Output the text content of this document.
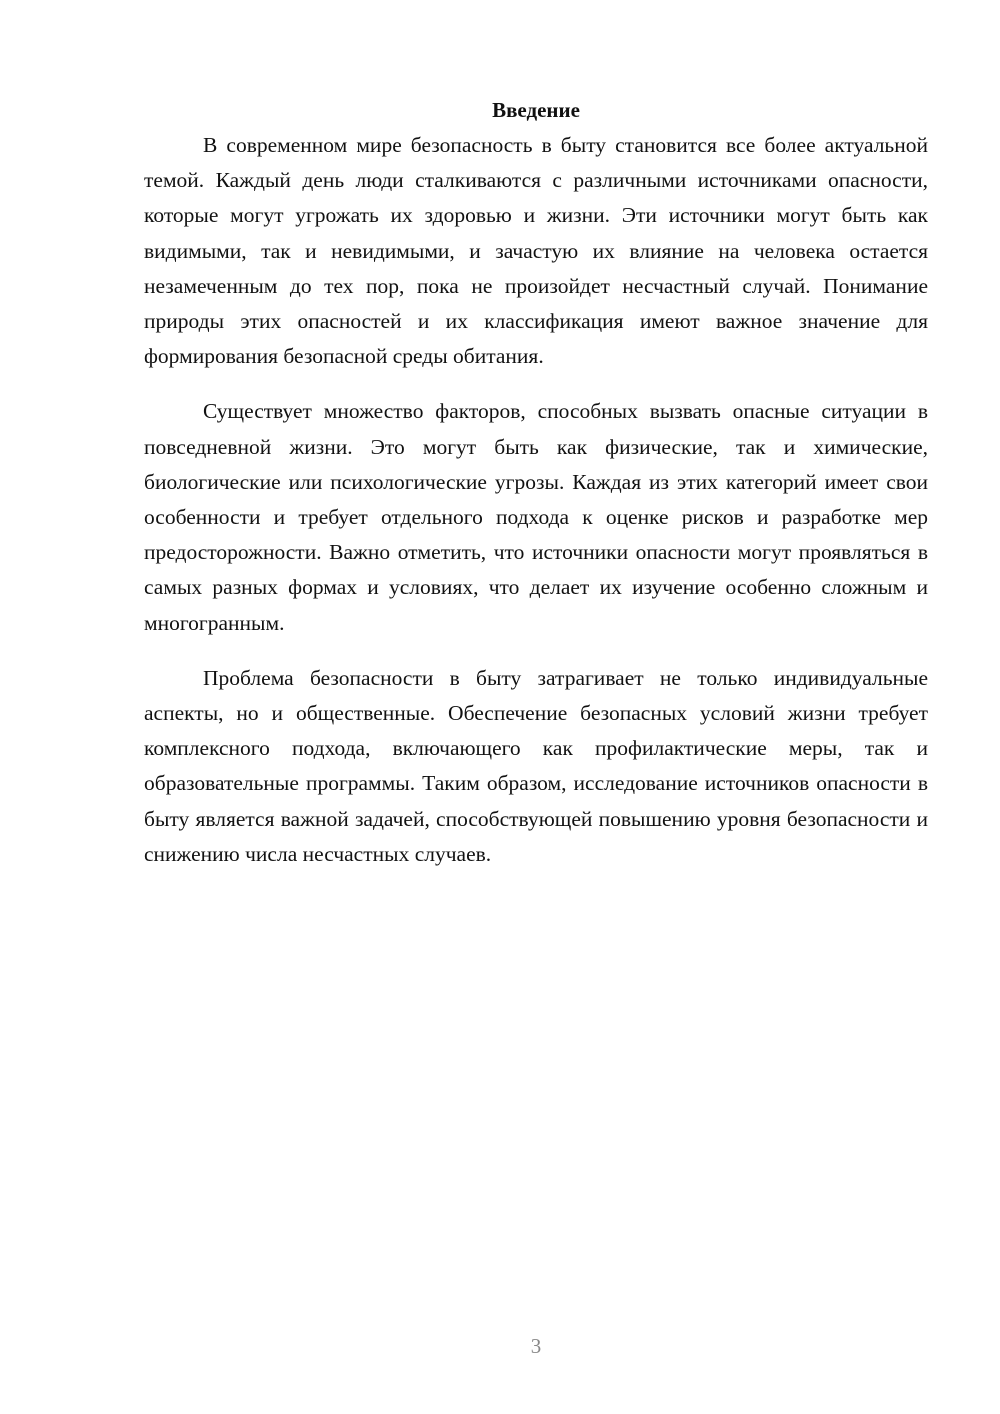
Введение

В современном мире безопасность в быту становится все более актуальной темой. Каждый день люди сталкиваются с различными источниками опасности, которые могут угрожать их здоровью и жизни. Эти источники могут быть как видимыми, так и невидимыми, и зачастую их влияние на человека остается незамеченным до тех пор, пока не произойдет несчастный случай. Понимание природы этих опасностей и их классификация имеют важное значение для формирования безопасной среды обитания.

Существует множество факторов, способных вызвать опасные ситуации в повседневной жизни. Это могут быть как физические, так и химические, биологические или психологические угрозы. Каждая из этих категорий имеет свои особенности и требует отдельного подхода к оценке рисков и разработке мер предосторожности. Важно отметить, что источники опасности могут проявляться в самых разных формах и условиях, что делает их изучение особенно сложным и многогранным.

Проблема безопасности в быту затрагивает не только индивидуальные аспекты, но и общественные. Обеспечение безопасных условий жизни требует комплексного подхода, включающего как профилактические меры, так и образовательные программы. Таким образом, исследование источников опасности в быту является важной задачей, способствующей повышению уровня безопасности и снижению числа несчастных случаев.

3
